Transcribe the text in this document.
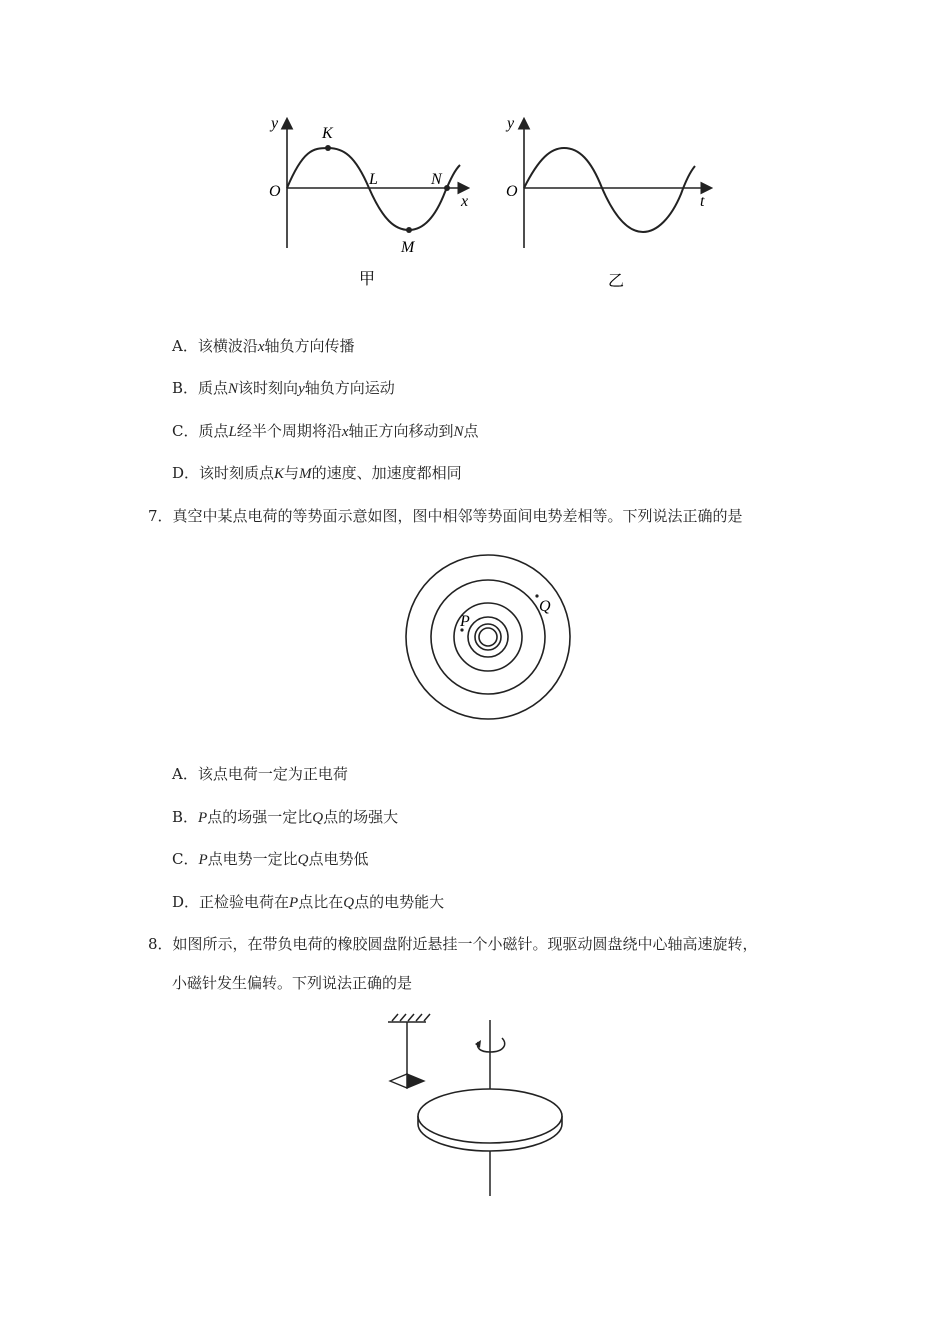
y
x
O
K
L
M
N
甲
y
t
O
乙
A．该横波沿x轴负方向传播
B．质点N该时刻向y轴负方向运动
C．质点L经半个周期将沿x轴正方向移动到N点
D．该时刻质点K与M的速度、加速度都相同
7．真空中某点电荷的等势面示意如图，图中相邻等势面间电势差相等。下列说法正确的是
P
Q
A．该点电荷一定为正电荷
B．P点的场强一定比Q点的场强大
C．P点电势一定比Q点电势低
D．正检验电荷在P点比在Q点的电势能大
8．如图所示，在带负电荷的橡胶圆盘附近悬挂一个小磁针。现驱动圆盘绕中心轴高速旋转，
小磁针发生偏转。下列说法正确的是
